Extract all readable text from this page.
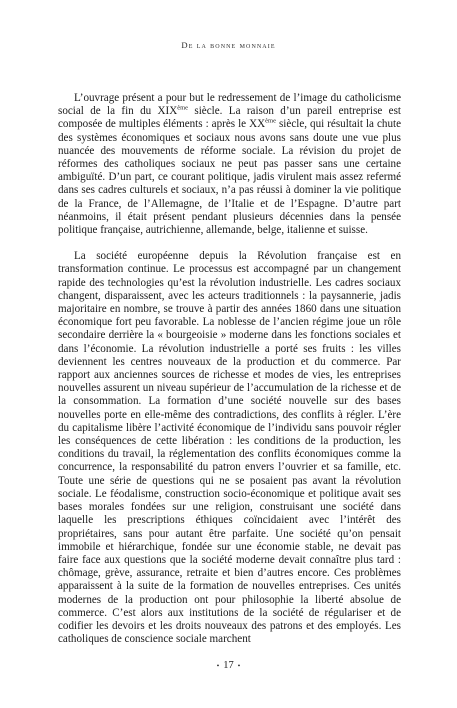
De la bonne monnaie

L’ouvrage présent a pour but le redressement de l’image du catholicisme social de la fin du XIXème siècle. La raison d’un pareil entreprise est composée de multiples éléments : après le XXème siècle, qui résultait la chute des systèmes économiques et sociaux nous avons sans doute une vue plus nuancée des mouvements de réforme sociale. La révision du projet de réformes des catholiques sociaux ne peut pas passer sans une certaine ambiguïté. D’un part, ce courant politique, jadis virulent mais assez refermé dans ses cadres culturels et sociaux, n’a pas réussi à dominer la vie politique de la France, de l’Allemagne, de l’Italie et de l’Espagne. D’autre part néanmoins, il était présent pendant plusieurs décennies dans la pensée politique française, autrichienne, allemande, belge, italienne et suisse.

La société européenne depuis la Révolution française est en transformation continue. Le processus est accompagné par un changement rapide des technologies qu’est la révolution industrielle. Les cadres sociaux changent, disparaissent, avec les acteurs traditionnels : la paysannerie, jadis majoritaire en nombre, se trouve à partir des années 1860 dans une situation économique fort peu favorable. La noblesse de l’ancien régime joue un rôle secondaire derrière la « bourgeoisie » moderne dans les fonctions sociales et dans l’économie. La révolution industrielle a porté ses fruits : les villes deviennent les centres nouveaux de la production et du commerce. Par rapport aux anciennes sources de richesse et modes de vies, les entreprises nouvelles assurent un niveau supérieur de l’accumulation de la richesse et de la consommation. La formation d’une société nouvelle sur des bases nouvelles porte en elle-même des contradictions, des conflits à régler. L’ère du capitalisme libère l’activité économique de l’individu sans pouvoir régler les conséquences de cette libération : les conditions de la production, les conditions du travail, la réglementation des conflits économiques comme la concurrence, la responsabilité du patron envers l’ouvrier et sa famille, etc. Toute une série de questions qui ne se posaient pas avant la révolution sociale. Le féodalisme, construction socio-économique et politique avait ses bases morales fondées sur une religion, construisant une société dans laquelle les prescriptions éthiques coïncidaient avec l’intérêt des propriétaires, sans pour autant être parfaite. Une société qu’on pensait immobile et hiérarchique, fondée sur une économie stable, ne devait pas faire face aux questions que la société moderne devait connaître plus tard : chômage, grève, assurance, retraite et bien d’autres encore. Ces problèmes apparaissent à la suite de la formation de nouvelles entreprises. Ces unités modernes de la production ont pour philosophie la liberté absolue de commerce. C’est alors aux institutions de la société de régulariser et de codifier les devoirs et les droits nouveaux des patrons et des employés. Les catholiques de conscience sociale marchent

• 17 •
